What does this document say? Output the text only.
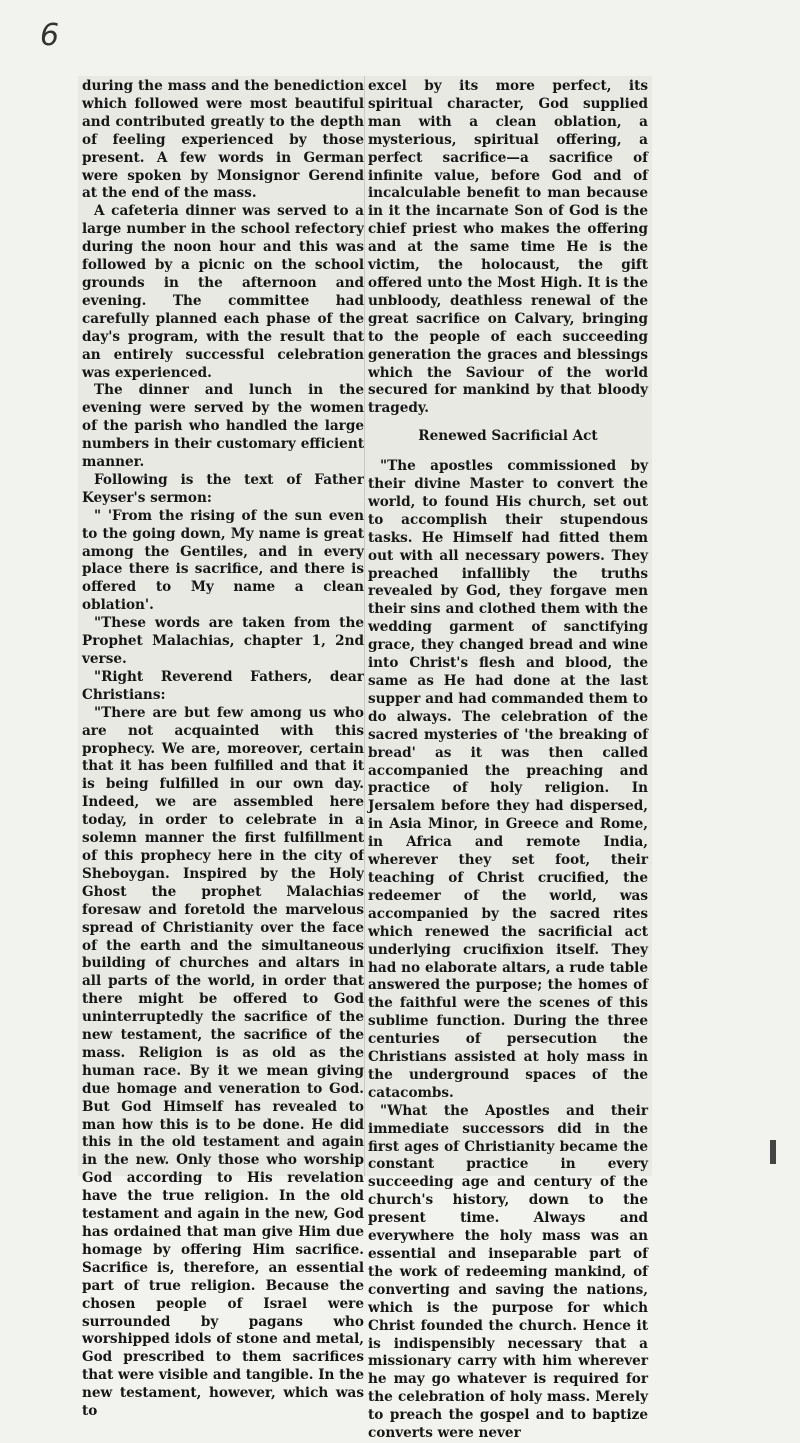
6

during the mass and the benediction which followed were most beautiful and contributed greatly to the depth of feeling experienced by those present. A few words in German were spoken by Monsignor Gerend at the end of the mass.

A cafeteria dinner was served to a large number in the school refectory during the noon hour and this was followed by a picnic on the school grounds in the afternoon and evening. The committee had carefully planned each phase of the day's program, with the result that an entirely successful celebration was experienced.

The dinner and lunch in the evening were served by the women of the parish who handled the large numbers in their customary efficient manner.

Following is the text of Father Keyser's sermon:

" 'From the rising of the sun even to the going down, My name is great among the Gentiles, and in every place there is sacrifice, and there is offered to My name a clean oblation'.

"These words are taken from the Prophet Malachias, chapter 1, 2nd verse.

"Right Reverend Fathers, dear Christians:

"There are but few among us who are not acquainted with this prophecy. We are, moreover, certain that it has been fulfilled and that it is being fulfilled in our own day. Indeed, we are assembled here today, in order to celebrate in a solemn manner the first fulfillment of this prophecy here in the city of Sheboygan. Inspired by the Holy Ghost the prophet Malachias foresaw and foretold the marvelous spread of Christianity over the face of the earth and the simultaneous building of churches and altars in all parts of the world, in order that there might be offered to God uninterruptedly the sacrifice of the new testament, the sacrifice of the mass. Religion is as old as the human race. By it we mean giving due homage and veneration to God. But God Himself has revealed to man how this is to be done. He did this in the old testament and again in the new. Only those who worship God according to His revelation have the true religion. In the old testament and again in the new, God has ordained that man give Him due homage by offering Him sacrifice. Sacrifice is, therefore, an essential part of true religion. Because the chosen people of Israel were surrounded by pagans who worshipped idols of stone and metal, God prescribed to them sacrifices that were visible and tangible. In the new testament, however, which was to

excel by its more perfect, its spiritual character, God supplied man with a clean oblation, a mysterious, spiritual offering, a perfect sacrifice—a sacrifice of infinite value, before God and of incalculable benefit to man because in it the incarnate Son of God is the chief priest who makes the offering and at the same time He is the victim, the holocaust, the gift offered unto the Most High. It is the unbloody, deathless renewal of the great sacrifice on Calvary, bringing to the people of each succeeding generation the graces and blessings which the Saviour of the world secured for mankind by that bloody tragedy.

Renewed Sacrificial Act

"The apostles commissioned by their divine Master to convert the world, to found His church, set out to accomplish their stupendous tasks. He Himself had fitted them out with all necessary powers. They preached infallibly the truths revealed by God, they forgave men their sins and clothed them with the wedding garment of sanctifying grace, they changed bread and wine into Christ's flesh and blood, the same as He had done at the last supper and had commanded them to do always. The celebration of the sacred mysteries of 'the breaking of bread' as it was then called accompanied the preaching and practice of holy religion. In Jersalem before they had dispersed, in Asia Minor, in Greece and Rome, in Africa and remote India, wherever they set foot, their teaching of Christ crucified, the redeemer of the world, was accompanied by the sacred rites which renewed the sacrificial act underlying crucifixion itself. They had no elaborate altars, a rude table answered the purpose; the homes of the faithful were the scenes of this sublime function. During the three centuries of persecution the Christians assisted at holy mass in the underground spaces of the catacombs.

"What the Apostles and their immediate successors did in the first ages of Christianity became the constant practice in every succeeding age and century of the church's history, down to the present time. Always and everywhere the holy mass was an essential and inseparable part of the work of redeeming mankind, of converting and saving the nations, which is the purpose for which Christ founded the church. Hence it is indispensibly necessary that a missionary carry with him wherever he may go whatever is required for the celebration of holy mass. Merely to preach the gospel and to baptize converts were never
